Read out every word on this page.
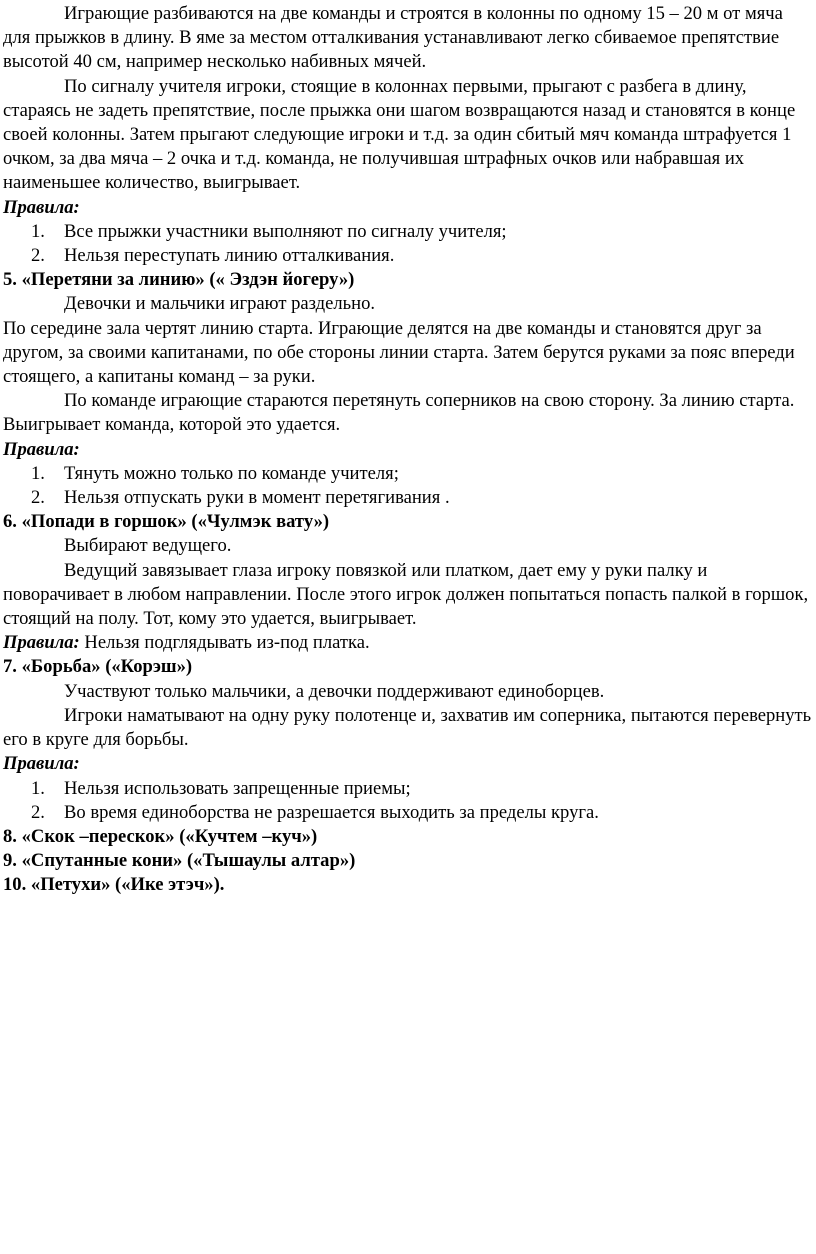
Играющие разбиваются на две команды и строятся в колонны по одному 15 – 20 м от мяча для прыжков в длину. В яме за местом отталкивания устанавливают легко сбиваемое препятствие высотой 40 см, например несколько набивных мячей.

По сигналу учителя игроки, стоящие в колоннах первыми, прыгают с разбега в длину, стараясь не задеть препятствие, после прыжка они шагом возвращаются назад и становятся в конце своей колонны. Затем прыгают следующие игроки и т.д. за один сбитый мяч команда штрафуется 1 очком, за два мяча – 2 очка и т.д. команда, не получившая штрафных очков или набравшая их наименьшее количество, выигрывает.

Правила:

1. Все прыжки участники выполняют по сигналу учителя;
2. Нельзя переступать линию отталкивания.

5. «Перетяни за линию» (« Эздэн йогеру»)

Девочки и мальчики играют раздельно.

По середине зала чертят линию старта. Играющие делятся на две команды и становятся друг за другом, за своими капитанами, по обе стороны линии старта. Затем берутся руками за пояс впереди стоящего, а капитаны команд – за руки.

По команде играющие стараются перетянуть соперников на свою сторону. За линию старта. Выигрывает команда, которой это удается.

Правила:

1. Тянуть можно только по команде учителя;
2. Нельзя отпускать руки в момент перетягивания .

6. «Попади в горшок» («Чулмэк вату»)

Выбирают ведущего.

Ведущий завязывает глаза игроку повязкой или платком, дает ему у руки палку и поворачивает в любом направлении. После этого игрок должен попытаться попасть палкой в горшок, стоящий на полу. Тот, кому это удается, выигрывает.

Правила: Нельзя подглядывать из-под платка.

7. «Борьба» («Корэш»)

Участвуют только мальчики, а девочки поддерживают единоборцев.

Игроки наматывают на одну руку полотенце и, захватив им соперника, пытаются перевернуть его в круге для борьбы.

Правила:

1. Нельзя использовать запрещенные приемы;
2. Во время единоборства не разрешается выходить за пределы круга.

8. «Скок –перескок» («Кучтем –куч»)

9. «Спутанные кони» («Тышаулы алтар»)

10. «Петухи» («Ике этэч»).
